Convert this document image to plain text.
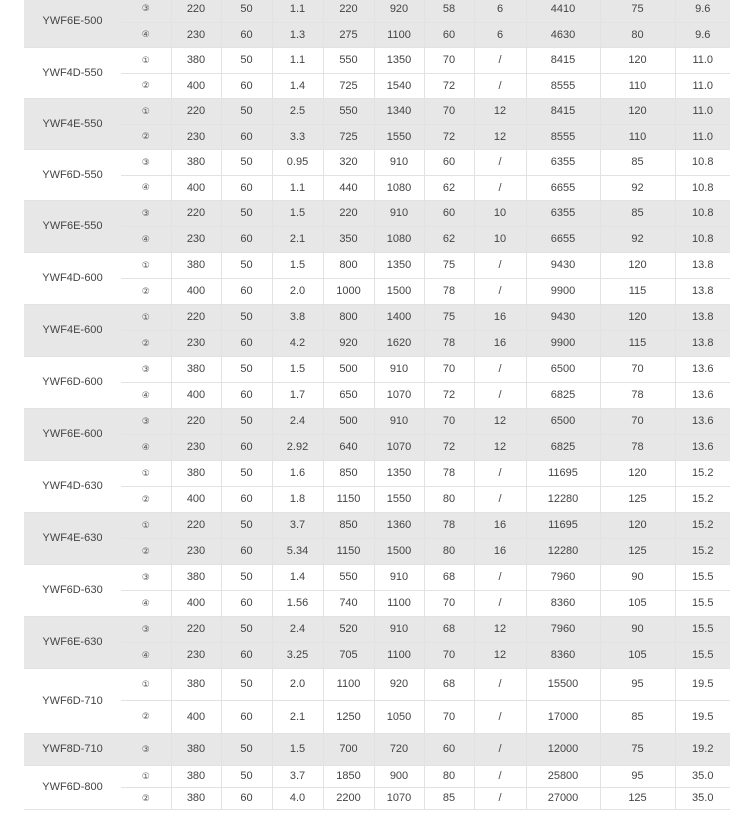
YWF6E-500	③	220	50	1.1	220	920	58	6	4410	75	9.6
	④	230	60	1.3	275	1100	60	6	4630	80	9.6
YWF4D-550	①	380	50	1.1	550	1350	70	/	8415	120	11.0
	②	400	60	1.4	725	1540	72	/	8555	110	11.0
YWF4E-550	①	220	50	2.5	550	1340	70	12	8415	120	11.0
	②	230	60	3.3	725	1550	72	12	8555	110	11.0
YWF6D-550	③	380	50	0.95	320	910	60	/	6355	85	10.8
	④	400	60	1.1	440	1080	62	/	6655	92	10.8
YWF6E-550	③	220	50	1.5	220	910	60	10	6355	85	10.8
	④	230	60	2.1	350	1080	62	10	6655	92	10.8
YWF4D-600	①	380	50	1.5	800	1350	75	/	9430	120	13.8
	②	400	60	2.0	1000	1500	78	/	9900	115	13.8
YWF4E-600	①	220	50	3.8	800	1400	75	16	9430	120	13.8
	②	230	60	4.2	920	1620	78	16	9900	115	13.8
YWF6D-600	③	380	50	1.5	500	910	70	/	6500	70	13.6
	④	400	60	1.7	650	1070	72	/	6825	78	13.6
YWF6E-600	③	220	50	2.4	500	910	70	12	6500	70	13.6
	④	230	60	2.92	640	1070	72	12	6825	78	13.6
YWF4D-630	①	380	50	1.6	850	1350	78	/	11695	120	15.2
	②	400	60	1.8	1150	1550	80	/	12280	125	15.2
YWF4E-630	①	220	50	3.7	850	1360	78	16	11695	120	15.2
	②	230	60	5.34	1150	1500	80	16	12280	125	15.2
YWF6D-630	③	380	50	1.4	550	910	68	/	7960	90	15.5
	④	400	60	1.56	740	1100	70	/	8360	105	15.5
YWF6E-630	③	220	50	2.4	520	910	68	12	7960	90	15.5
	④	230	60	3.25	705	1100	70	12	8360	105	15.5
YWF6D-710	①	380	50	2.0	1100	920	68	/	15500	95	19.5
	②	400	60	2.1	1250	1050	70	/	17000	85	19.5
YWF8D-710	③	380	50	1.5	700	720	60	/	12000	75	19.2
YWF6D-800	①	380	50	3.7	1850	900	80	/	25800	95	35.0
	②	380	60	4.0	2200	1070	85	/	27000	125	35.0
